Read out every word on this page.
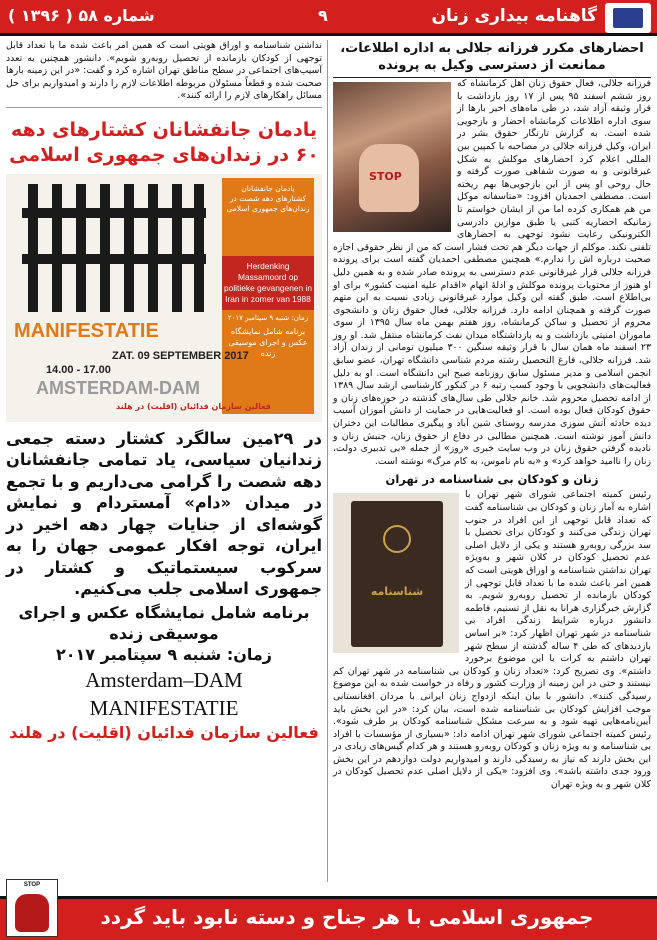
شماره ۵۸ ( ۱۳۹۶ )	۹	گاهنامه بیداری زنان
احضارهای مکرر فرزانه جلالی به اداره اطلاعات، ممانعت از دسترسی وکیل به پرونده
STOP
فرزانه جلالی، فعال حقوق زنان اهل کرمانشاه که روز ششم اسفند ۹۵ پس از ۱۷ روز بازداشت با قرار وثیقه آزاد شد، در طی ماه‌های اخیر بارها از سوی اداره اطلاعات کرمانشاه احضار و بازجویی شده است. به گزارش تارنگار حقوق بشر در ایران، وکیل فرزانه جلالی در مصاحبه با کمپین بین المللی اعلام کرد احضارهای موکلش به شکل غیرقانونی و به صورت شفاهی صورت گرفته و حال روحی او پس از این بازجویی‌ها بهم ریخته است. مصطفی احمدیان افزود: «متاسفانه موکل من هم همکاری کرده اما من از ایشان خواستم تا زمانیکه احضاریه کتبی یا طبق موازین دادرسی الکترونیکی رعایت نشود توجهی به احضارهای تلفنی نکند. موکلم از جهات دیگر هم تحت فشار است که من از نظر حقوقی اجازه صحبت درباره اش را ندارم.» همچنین مصطفی احمدیان گفته است برای پرونده فرزانه جلالی قرار غیرقانونی عدم دسترسی به پرونده صادر شده و به همین دلیل او هنوز از محتویات پرونده موکلش و ادلهٔ اتهام «اقدام علیه امنیت کشور» برای او بی‌اطلاع است. طبق گفته این وکیل موارد غیرقانونی زیادی نسبت به این متهم صورت گرفته و همچنان ادامه دارد. فرزانه جلالی، فعال حقوق زنان و دانشجوی محروم از تحصیل و ساکن کرمانشاه، روز هفتم بهمن ماه سال ۱۳۹۵ از سوی ماموران امنیتی بازداشت و به بازداشتگاه میدان نفت کرمانشاه منتقل شد. او روز ۲۳ اسفند ماه همان سال با قرار وثیقه سنگین ۳۰۰ میلیون تومانی از زندان آزاد شد. فرزانه جلالی، فارغ التحصیل رشته مردم شناسی دانشگاه تهران، عضو سابق انجمن اسلامی و مدیر مسئول سابق روزنامه صبح این دانشگاه است. او به دلیل فعالیت‌های دانشجویی با وجود کسب رتبه ۶ در کنکور کارشناسی ارشد سال ۱۳۸۹ از ادامه تحصیل محروم شد. خانم جلالی طی سال‌های گذشته در حوزه‌های زنان و حقوق کودکان فعال بوده است. او فعالیت‌هایی در حمایت از دانش آموزان آسیب دیده حادثه آتش سوزی مدرسه روستای شین آباد و پیگیری مطالبات این دختران دانش آموز نوشته است. همچنین مطالبی در دفاع از حقوق زنان، جنبش زنان و نادیده گرفتن حقوق زنان در وب سایت خبری «روز» از جمله «بی تدبیری دولت، زنان را ناامید خواهد کرد» و «به نام ناموس، به کام مرگ» نوشته است.
زنان و کودکان بی شناسنامه در تهران
شناسنامه
رئیس کمیته اجتماعی شورای شهر تهران با اشاره به آمار زنان و کودکان بی شناسنامه گفت که تعداد قابل توجهی از این افراد در جنوب تهران زندگی می‌کنند و کودکان برای تحصیل با سد بزرگی روبه‌رو هستند و یکی از دلایل اصلی عدم تحصیل کودکان در کلان شهر و به‌ویژه تهران نداشتن شناسنامه و اوراق هویتی است که همین امر باعث شده ما با تعداد قابل توجهی از کودکان بازمانده از تحصیل روبه‌رو شویم. به گزارش خبرگزاری هرانا به نقل از تسنیم، فاطمه دانشور درباره شرایط زندگی افراد بی شناسنامه در شهر تهران اظهار کرد: «بر اساس بازدیدهای که طی ۴ ساله گذشته از سطح شهر تهران داشتم به کرات با این موضوع برخورد داشتم». وی تصریح کرد: «تعداد زنان و کودکان بی شناسنامه در شهر تهران کم نیستند و حتی در این زمینه از وزارت کشور و رفاه در خواست شده به این موضوع رسیدگی کنند». دانشور با بیان اینکه ازدواج زنان ایرانی با مردان افغانستانی موجب افزایش کودکان بی شناسنامه شده است، بیان کرد: «در این بخش باید آیین‌نامه‌هایی تهیه شود و به سرعت مشکل شناسنامه کودکان بر طرف شود». رئیس کمیته اجتماعی شورای شهر تهران ادامه داد: «بسیاری از مؤسسات با افراد بی شناسنامه و به ویژه زنان و کودکان روبه‌رو هستند و هر کدام گیس‌های زیادی در این بخش دارند که نیاز به رسیدگی دارند و امیدواریم دولت دوازدهم در این بخش ورود جدی داشته باشد». وی افزود: «یکی از دلایل اصلی عدم تحصیل کودکان در کلان شهر و به ویژه تهران
نداشتن شناسنامه و اوراق هویتی است که همین امر باعث شده ما با تعداد قابل توجهی از کودکان بازمانده از تحصیل روبه‌رو شویم». دانشور همچنین به تعدد آسیب‌های اجتماعی در سطح مناطق تهران اشاره کرد و گفت: «در این زمینه بارها صحبت شده و قطعاً مسئولان مربوطه اطلاعات لازم را دارند و امیدواریم برای حل مسائل راهکارهای لازم را ارائه کنند».
یادمان جانفشانان کشتارهای دهه ۶۰ در زندان‌های جمهوری اسلامی
یادمان جانفشانان کشتارهای دهه شصت در زندان‌های جمهوری اسلامی
Herdenking Massamoord op politieke gevangenen in Iran in zomer van 1988
زمان: شنبه ۹ سپتامبر ۲۰۱۷
برنامه شامل نمایشگاه عکس و اجرای موسیقی زنده
MANIFESTATIE
ZAT. 09 SEPTEMBER 2017
14.00 - 17.00
AMSTERDAM-DAM
فعالین سازمان فدائیان (اقلیت) در هلند
در ۲۹مین سالگرد کشتار دسته جمعی زندانیان سیاسی، یاد تمامی جانفشانان دهه شصت را گرامی می‌داریم و با تجمع در میدان «دام» آمستردام و نمایش گوشه‌ای از جنایات چهار دهه اخیر در ایران، توجه افکار عمومی جهان را به سرکوب سیستماتیک و کشتار در جمهوری اسلامی جلب می‌کنیم.
برنامه شامل نمایشگاه عکس و اجرای موسیقی زنده
زمان: شنبه ۹ سپتامبر ۲۰۱۷
Amsterdam–DAM
MANIFESTATIE
فعالین سازمان فدائیان (اقلیت) در هلند
STOP
جمهوری اسلامی با هر جناح و دسته نابود باید گردد
